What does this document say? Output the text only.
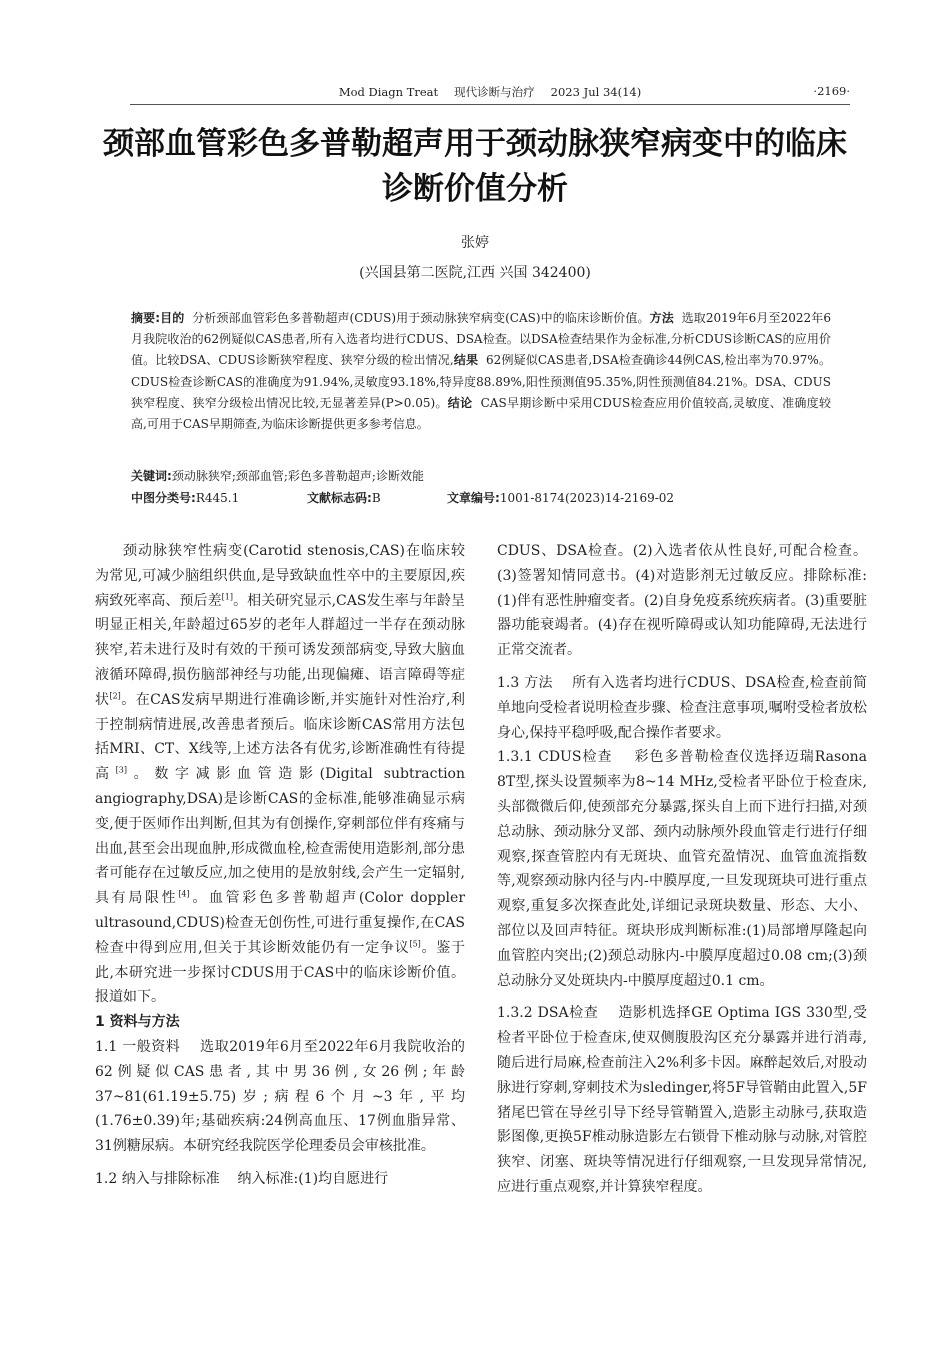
Mod Diagn Treat 现代诊断与治疗 2023 Jul 34(14)	·2169·
颈部血管彩色多普勒超声用于颈动脉狭窄病变中的临床诊断价值分析
张婷
(兴国县第二医院,江西 兴国 342400)
摘要:目的 分析颈部血管彩色多普勒超声(CDUS)用于颈动脉狭窄病变(CAS)中的临床诊断价值。方法 选取2019年6月至2022年6月我院收治的62例疑似CAS患者,所有入选者均进行CDUS、DSA检查。以DSA检查结果作为金标准,分析CDUS诊断CAS的应用价值。比较DSA、CDUS诊断狭窄程度、狭窄分级的检出情况,结果 62例疑似CAS患者,DSA检查确诊44例CAS,检出率为70.97%。CDUS检查诊断CAS的准确度为91.94%,灵敏度93.18%,特异度88.89%,阳性预测值95.35%,阴性预测值84.21%。DSA、CDUS狭窄程度、狭窄分级检出情况比较,无显著差异(P>0.05)。结论 CAS早期诊断中采用CDUS检查应用价值较高,灵敏度、准确度较高,可用于CAS早期筛查,为临床诊断提供更多参考信息。
关键词:颈动脉狭窄;颈部血管;彩色多普勒超声;诊断效能
中图分类号:R445.1	文献标志码:B	文章编号:1001-8174(2023)14-2169-02

颈动脉狭窄性病变(Carotid stenosis,CAS)在临床较为常见,可减少脑组织供血,是导致缺血性卒中的主要原因,疾病致死率高、预后差[1]。相关研究显示,CAS发生率与年龄呈明显正相关,年龄超过65岁的老年人群超过一半存在颈动脉狭窄,若未进行及时有效的干预可诱发颈部病变,导致大脑血液循环障碍,损伤脑部神经与功能,出现偏瘫、语言障碍等症状[2]。在CAS发病早期进行准确诊断,并实施针对性治疗,利于控制病情进展,改善患者预后。临床诊断CAS常用方法包括MRI、CT、X线等,上述方法各有优劣,诊断准确性有待提高[3]。数字减影血管造影(Digital subtraction angiography,DSA)是诊断CAS的金标准,能够准确显示病变,便于医师作出判断,但其为有创操作,穿刺部位伴有疼痛与出血,甚至会出现血肿,形成微血栓,检查需使用造影剂,部分患者可能存在过敏反应,加之使用的是放射线,会产生一定辐射,具有局限性[4]。血管彩色多普勒超声(Color doppler ultrasound,CDUS)检查无创伤性,可进行重复操作,在CAS检查中得到应用,但关于其诊断效能仍有一定争议[5]。鉴于此,本研究进一步探讨CDUS用于CAS中的临床诊断价值。报道如下。

1 资料与方法

1.1 一般资料 选取2019年6月至2022年6月我院收治的62例疑似CAS患者,其中男36例,女26例;年龄37~81(61.19±5.75)岁;病程6个月~3年,平均(1.76±0.39)年;基础疾病:24例高血压、17例血脂异常、31例糖尿病。本研究经我院医学伦理委员会审核批准。

1.2 纳入与排除标准 纳入标准:(1)均自愿进行

CDUS、DSA检查。(2)入选者依从性良好,可配合检查。(3)签署知情同意书。(4)对造影剂无过敏反应。排除标准:(1)伴有恶性肿瘤变者。(2)自身免疫系统疾病者。(3)重要脏器功能衰竭者。(4)存在视听障碍或认知功能障碍,无法进行正常交流者。

1.3 方法 所有入选者均进行CDUS、DSA检查,检查前简单地向受检者说明检查步骤、检查注意事项,嘱咐受检者放松身心,保持平稳呼吸,配合操作者要求。

1.3.1 CDUS检查 彩色多普勒检查仪选择迈瑞Rasona 8T型,探头设置频率为8~14 MHz,受检者平卧位于检查床,头部微微后仰,使颈部充分暴露,探头自上而下进行扫描,对颈总动脉、颈动脉分叉部、颈内动脉颅外段血管走行进行仔细观察,探查管腔内有无斑块、血管充盈情况、血管血流指数等,观察颈动脉内径与内-中膜厚度,一旦发现斑块可进行重点观察,重复多次探查此处,详细记录斑块数量、形态、大小、部位以及回声特征。斑块形成判断标准:(1)局部增厚隆起向血管腔内突出;(2)颈总动脉内-中膜厚度超过0.08 cm;(3)颈总动脉分叉处斑块内-中膜厚度超过0.1 cm。

1.3.2 DSA检查 造影机选择GE Optima IGS 330型,受检者平卧位于检查床,使双侧腹股沟区充分暴露并进行消毒,随后进行局麻,检查前注入2%利多卡因。麻醉起效后,对股动脉进行穿刺,穿刺技术为sledinger,将5F导管鞘由此置入,5F猪尾巴管在导丝引导下经导管鞘置入,造影主动脉弓,获取造影图像,更换5F椎动脉造影左右锁骨下椎动脉与动脉,对管腔狭窄、闭塞、斑块等情况进行仔细观察,一旦发现异常情况,应进行重点观察,并计算狭窄程度。
